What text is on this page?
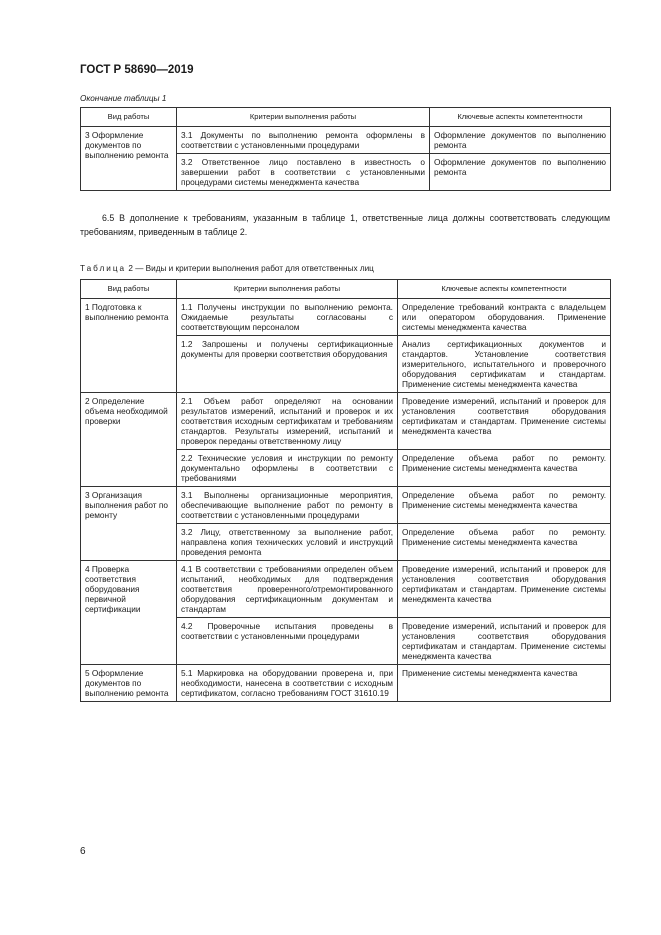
ГОСТ Р 58690—2019
Окончание таблицы 1
Вид работы	Критерии выполнения работы	Ключевые аспекты компетентности
3 Оформление документов по выполнению ремонта	3.1 Документы по выполнению ремонта оформлены в соответствии с установленными процедурами	Оформление документов по выполнению ремонта
	3.2 Ответственное лицо поставлено в известность о завершении работ в соответствии с установленными процедурами системы менеджмента качества	Оформление документов по выполнению ремонта
6.5 В дополнение к требованиям, указанным в таблице 1, ответственные лица должны соответствовать следующим требованиям, приведенным в таблице 2.
Таблица 2 — Виды и критерии выполнения работ для ответственных лиц
Вид работы	Критерии выполнения работы	Ключевые аспекты компетентности
1 Подготовка к выполнению ремонта	1.1 Получены инструкции по выполнению ремонта. Ожидаемые результаты согласованы с соответствующим персоналом	Определение требований контракта с владельцем или оператором оборудования. Применение системы менеджмента качества
	1.2 Запрошены и получены сертификационные документы для проверки соответствия оборудования	Анализ сертификационных документов и стандартов. Установление соответствия измерительного, испытательного и проверочного оборудования сертификатам и стандартам. Применение системы менеджмента качества
2 Определение объема необходимой проверки	2.1 Объем работ определяют на основании результатов измерений, испытаний и проверок и их соответствия исходным сертификатам и требованиям стандартов. Результаты измерений, испытаний и проверок переданы ответственному лицу	Проведение измерений, испытаний и проверок для установления соответствия оборудования сертификатам и стандартам. Применение системы менеджмента качества
	2.2 Технические условия и инструкции по ремонту документально оформлены в соответствии с требованиями	Определение объема работ по ремонту. Применение системы менеджмента качества
3 Организация выполнения работ по ремонту	3.1 Выполнены организационные мероприятия, обеспечивающие выполнение работ по ремонту в соответствии с установленными процедурами	Определение объема работ по ремонту. Применение системы менеджмента качества
	3.2 Лицу, ответственному за выполнение работ, направлена копия технических условий и инструкций проведения ремонта	Определение объема работ по ремонту. Применение системы менеджмента качества
4 Проверка соответствия оборудования первичной сертификации	4.1 В соответствии с требованиями определен объем испытаний, необходимых для подтверждения соответствия проверенного/отремонтированного оборудования сертификационным документам и стандартам	Проведение измерений, испытаний и проверок для установления соответствия оборудования сертификатам и стандартам. Применение системы менеджмента качества
	4.2 Проверочные испытания проведены в соответствии с установленными процедурами	Проведение измерений, испытаний и проверок для установления соответствия оборудования сертификатам и стандартам. Применение системы менеджмента качества
5 Оформление документов по выполнению ремонта	5.1 Маркировка на оборудовании проверена и, при необходимости, нанесена в соответствии с исходным сертификатом, согласно требованиям ГОСТ 31610.19	Применение системы менеджмента качества
6
